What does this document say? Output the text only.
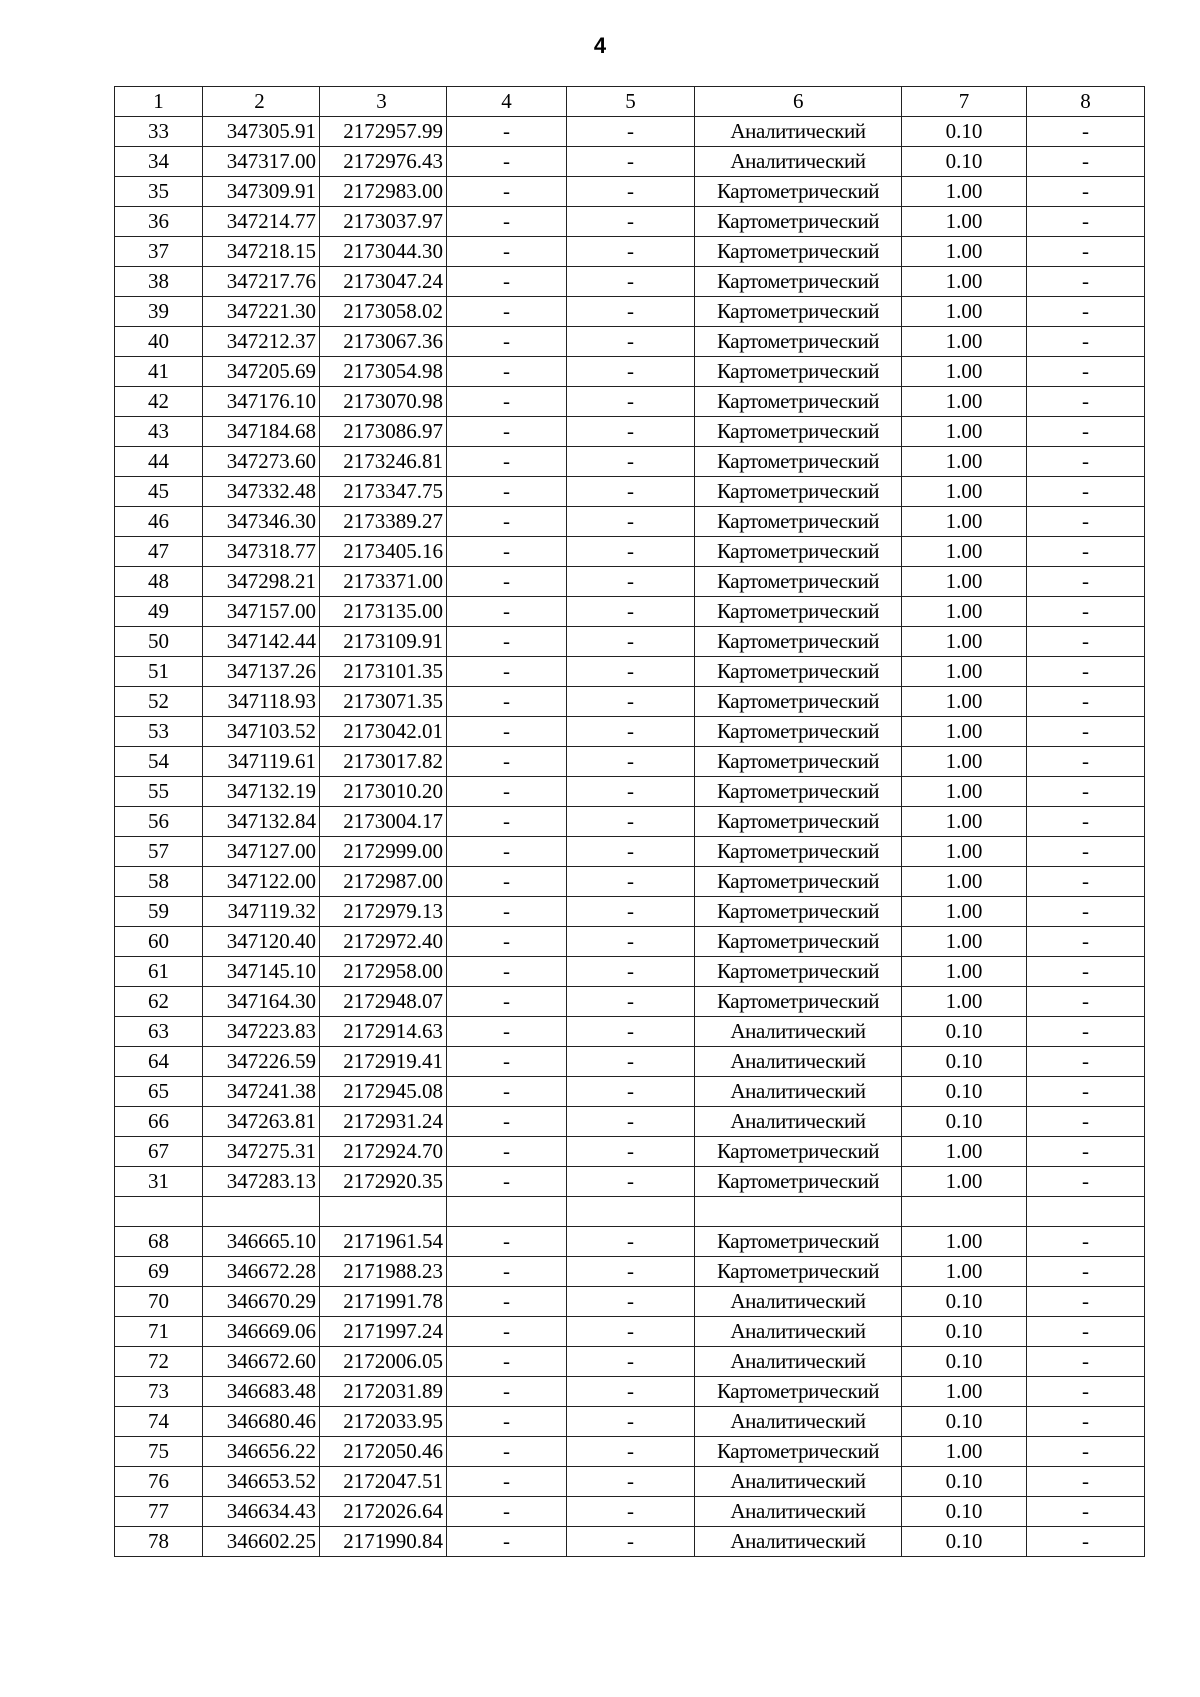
4
1	2	3	4	5	6	7	8
33	347305.91	2172957.99	-	-	Аналитический	0.10	-
34	347317.00	2172976.43	-	-	Аналитический	0.10	-
35	347309.91	2172983.00	-	-	Картометрический	1.00	-
36	347214.77	2173037.97	-	-	Картометрический	1.00	-
37	347218.15	2173044.30	-	-	Картометрический	1.00	-
38	347217.76	2173047.24	-	-	Картометрический	1.00	-
39	347221.30	2173058.02	-	-	Картометрический	1.00	-
40	347212.37	2173067.36	-	-	Картометрический	1.00	-
41	347205.69	2173054.98	-	-	Картометрический	1.00	-
42	347176.10	2173070.98	-	-	Картометрический	1.00	-
43	347184.68	2173086.97	-	-	Картометрический	1.00	-
44	347273.60	2173246.81	-	-	Картометрический	1.00	-
45	347332.48	2173347.75	-	-	Картометрический	1.00	-
46	347346.30	2173389.27	-	-	Картометрический	1.00	-
47	347318.77	2173405.16	-	-	Картометрический	1.00	-
48	347298.21	2173371.00	-	-	Картометрический	1.00	-
49	347157.00	2173135.00	-	-	Картометрический	1.00	-
50	347142.44	2173109.91	-	-	Картометрический	1.00	-
51	347137.26	2173101.35	-	-	Картометрический	1.00	-
52	347118.93	2173071.35	-	-	Картометрический	1.00	-
53	347103.52	2173042.01	-	-	Картометрический	1.00	-
54	347119.61	2173017.82	-	-	Картометрический	1.00	-
55	347132.19	2173010.20	-	-	Картометрический	1.00	-
56	347132.84	2173004.17	-	-	Картометрический	1.00	-
57	347127.00	2172999.00	-	-	Картометрический	1.00	-
58	347122.00	2172987.00	-	-	Картометрический	1.00	-
59	347119.32	2172979.13	-	-	Картометрический	1.00	-
60	347120.40	2172972.40	-	-	Картометрический	1.00	-
61	347145.10	2172958.00	-	-	Картометрический	1.00	-
62	347164.30	2172948.07	-	-	Картометрический	1.00	-
63	347223.83	2172914.63	-	-	Аналитический	0.10	-
64	347226.59	2172919.41	-	-	Аналитический	0.10	-
65	347241.38	2172945.08	-	-	Аналитический	0.10	-
66	347263.81	2172931.24	-	-	Аналитический	0.10	-
67	347275.31	2172924.70	-	-	Картометрический	1.00	-
31	347283.13	2172920.35	-	-	Картометрический	1.00	-

68	346665.10	2171961.54	-	-	Картометрический	1.00	-
69	346672.28	2171988.23	-	-	Картометрический	1.00	-
70	346670.29	2171991.78	-	-	Аналитический	0.10	-
71	346669.06	2171997.24	-	-	Аналитический	0.10	-
72	346672.60	2172006.05	-	-	Аналитический	0.10	-
73	346683.48	2172031.89	-	-	Картометрический	1.00	-
74	346680.46	2172033.95	-	-	Аналитический	0.10	-
75	346656.22	2172050.46	-	-	Картометрический	1.00	-
76	346653.52	2172047.51	-	-	Аналитический	0.10	-
77	346634.43	2172026.64	-	-	Аналитический	0.10	-
78	346602.25	2171990.84	-	-	Аналитический	0.10	-
